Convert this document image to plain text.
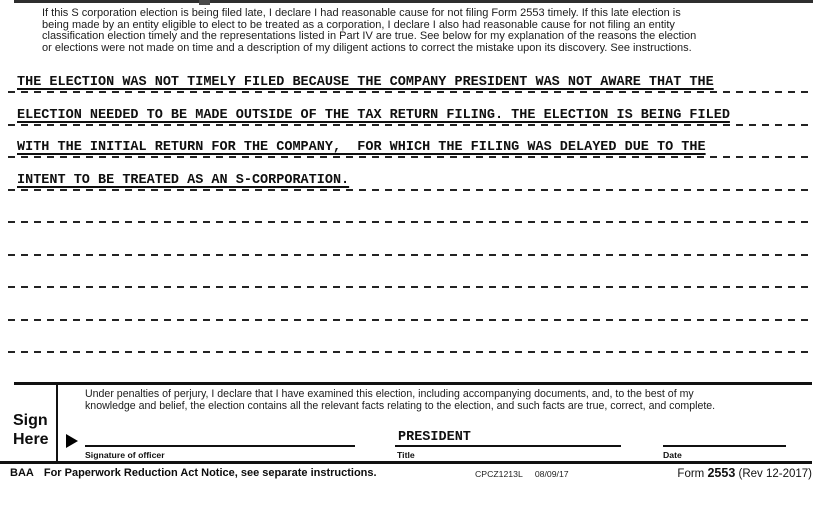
If this S corporation election is being filed late, I declare I had reasonable cause for not filing Form 2553 timely. If this late election is
being made by an entity eligible to elect to be treated as a corporation, I declare I also had reasonable cause for not filing an entity
classification election timely and the representations listed in Part IV are true. See below for my explanation of the reasons the election
or elections were not made on time and a description of my diligent actions to correct the mistake upon its discovery. See instructions.
THE ELECTION WAS NOT TIMELY FILED BECAUSE THE COMPANY PRESIDENT WAS NOT AWARE THAT THE
ELECTION NEEDED TO BE MADE OUTSIDE OF THE TAX RETURN FILING. THE ELECTION IS BEING FILED
WITH THE INITIAL RETURN FOR THE COMPANY,  FOR WHICH THE FILING WAS DELAYED DUE TO THE
INTENT TO BE TREATED AS AN S-CORPORATION.
Sign
Here
Under penalties of perjury, I declare that I have examined this election, including accompanying documents, and, to the best of my
knowledge and belief, the election contains all the relevant facts relating to the election, and such facts are true, correct, and complete.
PRESIDENT
Signature of officer	Title	Date
BAA For Paperwork Reduction Act Notice, see separate instructions.	CPCZ1213L 08/09/17	Form 2553 (Rev 12-2017)
